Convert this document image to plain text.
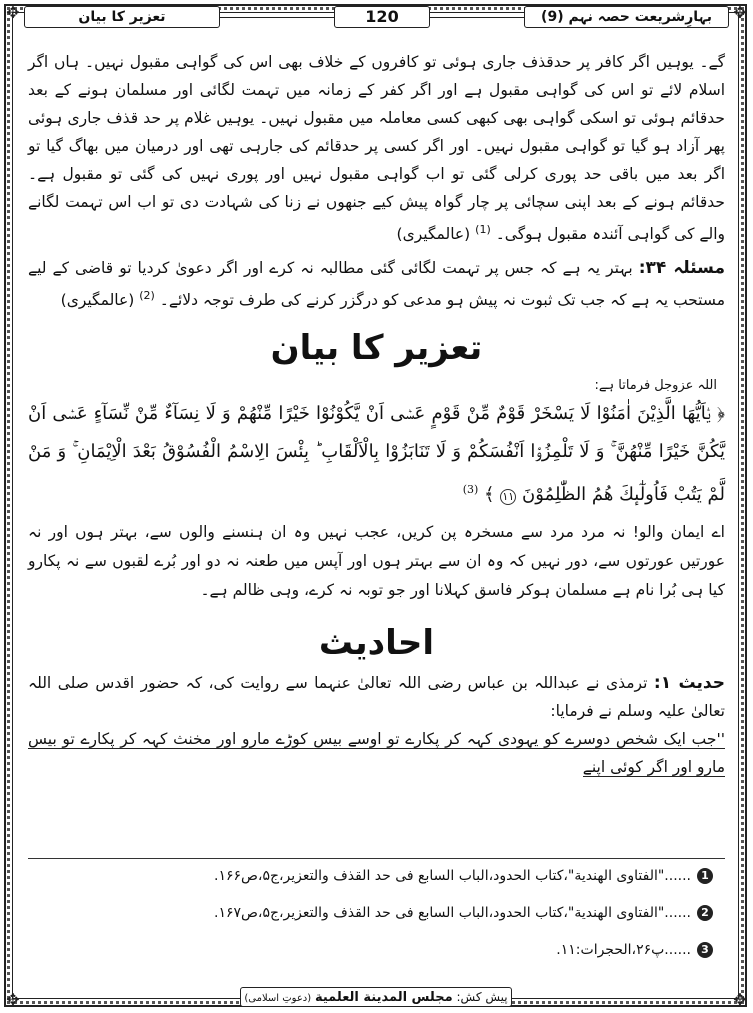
✥	✥
✥	✥
بہارِشریعت حصہ نہم (9)
120
تعزیر کا بیان

گے۔ یوہیں اگر کافر پر حدقذف جاری ہوئی تو کافروں کے خلاف بھی اس کی گواہی مقبول نہیں۔ ہاں اگر اسلام لائے تو اس کی گواہی مقبول ہے اور اگر کفر کے زمانہ میں تہمت لگائی اور مسلمان ہونے کے بعد حدقائم ہوئی تو اسکی گواہی بھی کبھی کسی معاملہ میں مقبول نہیں۔ یوہیں غلام پر حد قذف جاری ہوئی پھر آزاد ہو گیا تو گواہی مقبول نہیں۔ اور اگر کسی پر حدقائم کی جارہی تھی اور درمیان میں بھاگ گیا تو اگر بعد میں باقی حد پوری کرلی گئی تو اب گواہی مقبول نہیں اور پوری نہیں کی گئی تو مقبول ہے۔ حدقائم ہونے کے بعد اپنی سچائی پر چار گواہ پیش کیے جنھوں نے زنا کی شہادت دی تو اب اس تہمت لگانے والے کی گواہی آئندہ مقبول ہوگی۔ $^{(1)}$ (عالمگیری)

مسئلہ ۳۴: بہتر یہ ہے کہ جس پر تہمت لگائی گئی مطالبہ نہ کرے اور اگر دعویٰ کردیا تو قاضی کے لیے مستحب یہ ہے کہ جب تک ثبوت نہ پیش ہو مدعی کو درگزر کرنے کی طرف توجہ دلائے۔ $^{(2)}$ (عالمگیری)

تعزیر کا بیان

اللہ عزوجل فرماتا ہے:

﴿ یٰۤاَیُّهَا الَّذِیْنَ اٰمَنُوْا لَا یَسْخَرْ قَوْمٌ مِّنْ قَوْمٍ عَسٰۤى اَنْ یَّكُوْنُوْا خَیْرًا مِّنْهُمْ وَ لَا نِسَآءٌ مِّنْ نِّسَآءٍ عَسٰۤى اَنْ یَّكُنَّ خَیْرًا مِّنْهُنَّ ۚ وَ لَا تَلْمِزُوْۤا اَنْفُسَكُمْ وَ لَا تَنَابَزُوْا بِالْاَلْقَابِ ؕ بِئْسَ الِاسْمُ الْفُسُوْقُ بَعْدَ الْاِیْمَانِ ۚ وَ مَنْ لَّمْ یَتُبْ فَاُولٰٓىٕكَ هُمُ الظّٰلِمُوْنَ ۱۱ ﴾ $^{(3)}$

اے ایمان والو! نہ مرد مرد سے مسخرہ پن کریں، عجب نہیں وہ ان ہنسنے والوں سے، بہتر ہوں اور نہ عورتیں عورتوں سے، دور نہیں کہ وہ ان سے بہتر ہوں اور آپس میں طعنہ نہ دو اور بُرے لقبوں سے نہ پکارو کیا ہی بُرا نام ہے مسلمان ہوکر فاسق کہلانا اور جو توبہ نہ کرے، وہی ظالم ہے۔

احادیث

حدیث ۱: ترمذی نے عبداللہ بن عباس رضی اللہ تعالیٰ عنہما سے روایت کی، کہ حضور اقدس صلی اللہ تعالیٰ علیہ وسلم نے فرمایا:

''جب ایک شخص دوسرے کو یہودی کہہ کر پکارے تو اوسے بیس کوڑے مارو اور مخنث کہہ کر پکارے تو بیس مارو اور اگر کوئی اپنے

1
......"الفتاوی الھندیة"،کتاب الحدود،الباب السابع فی حد القذف والتعزیر،ج۵،ص۱۶۶.

2
......"الفتاوی الھندیة"،کتاب الحدود،الباب السابع فی حد القذف والتعزیر،ج۵،ص۱۶۷.

3
......پ۲۶،الحجرات:۱۱.

پیش کش: مجلس المدینة العلمیة (دعوتِ اسلامی)
